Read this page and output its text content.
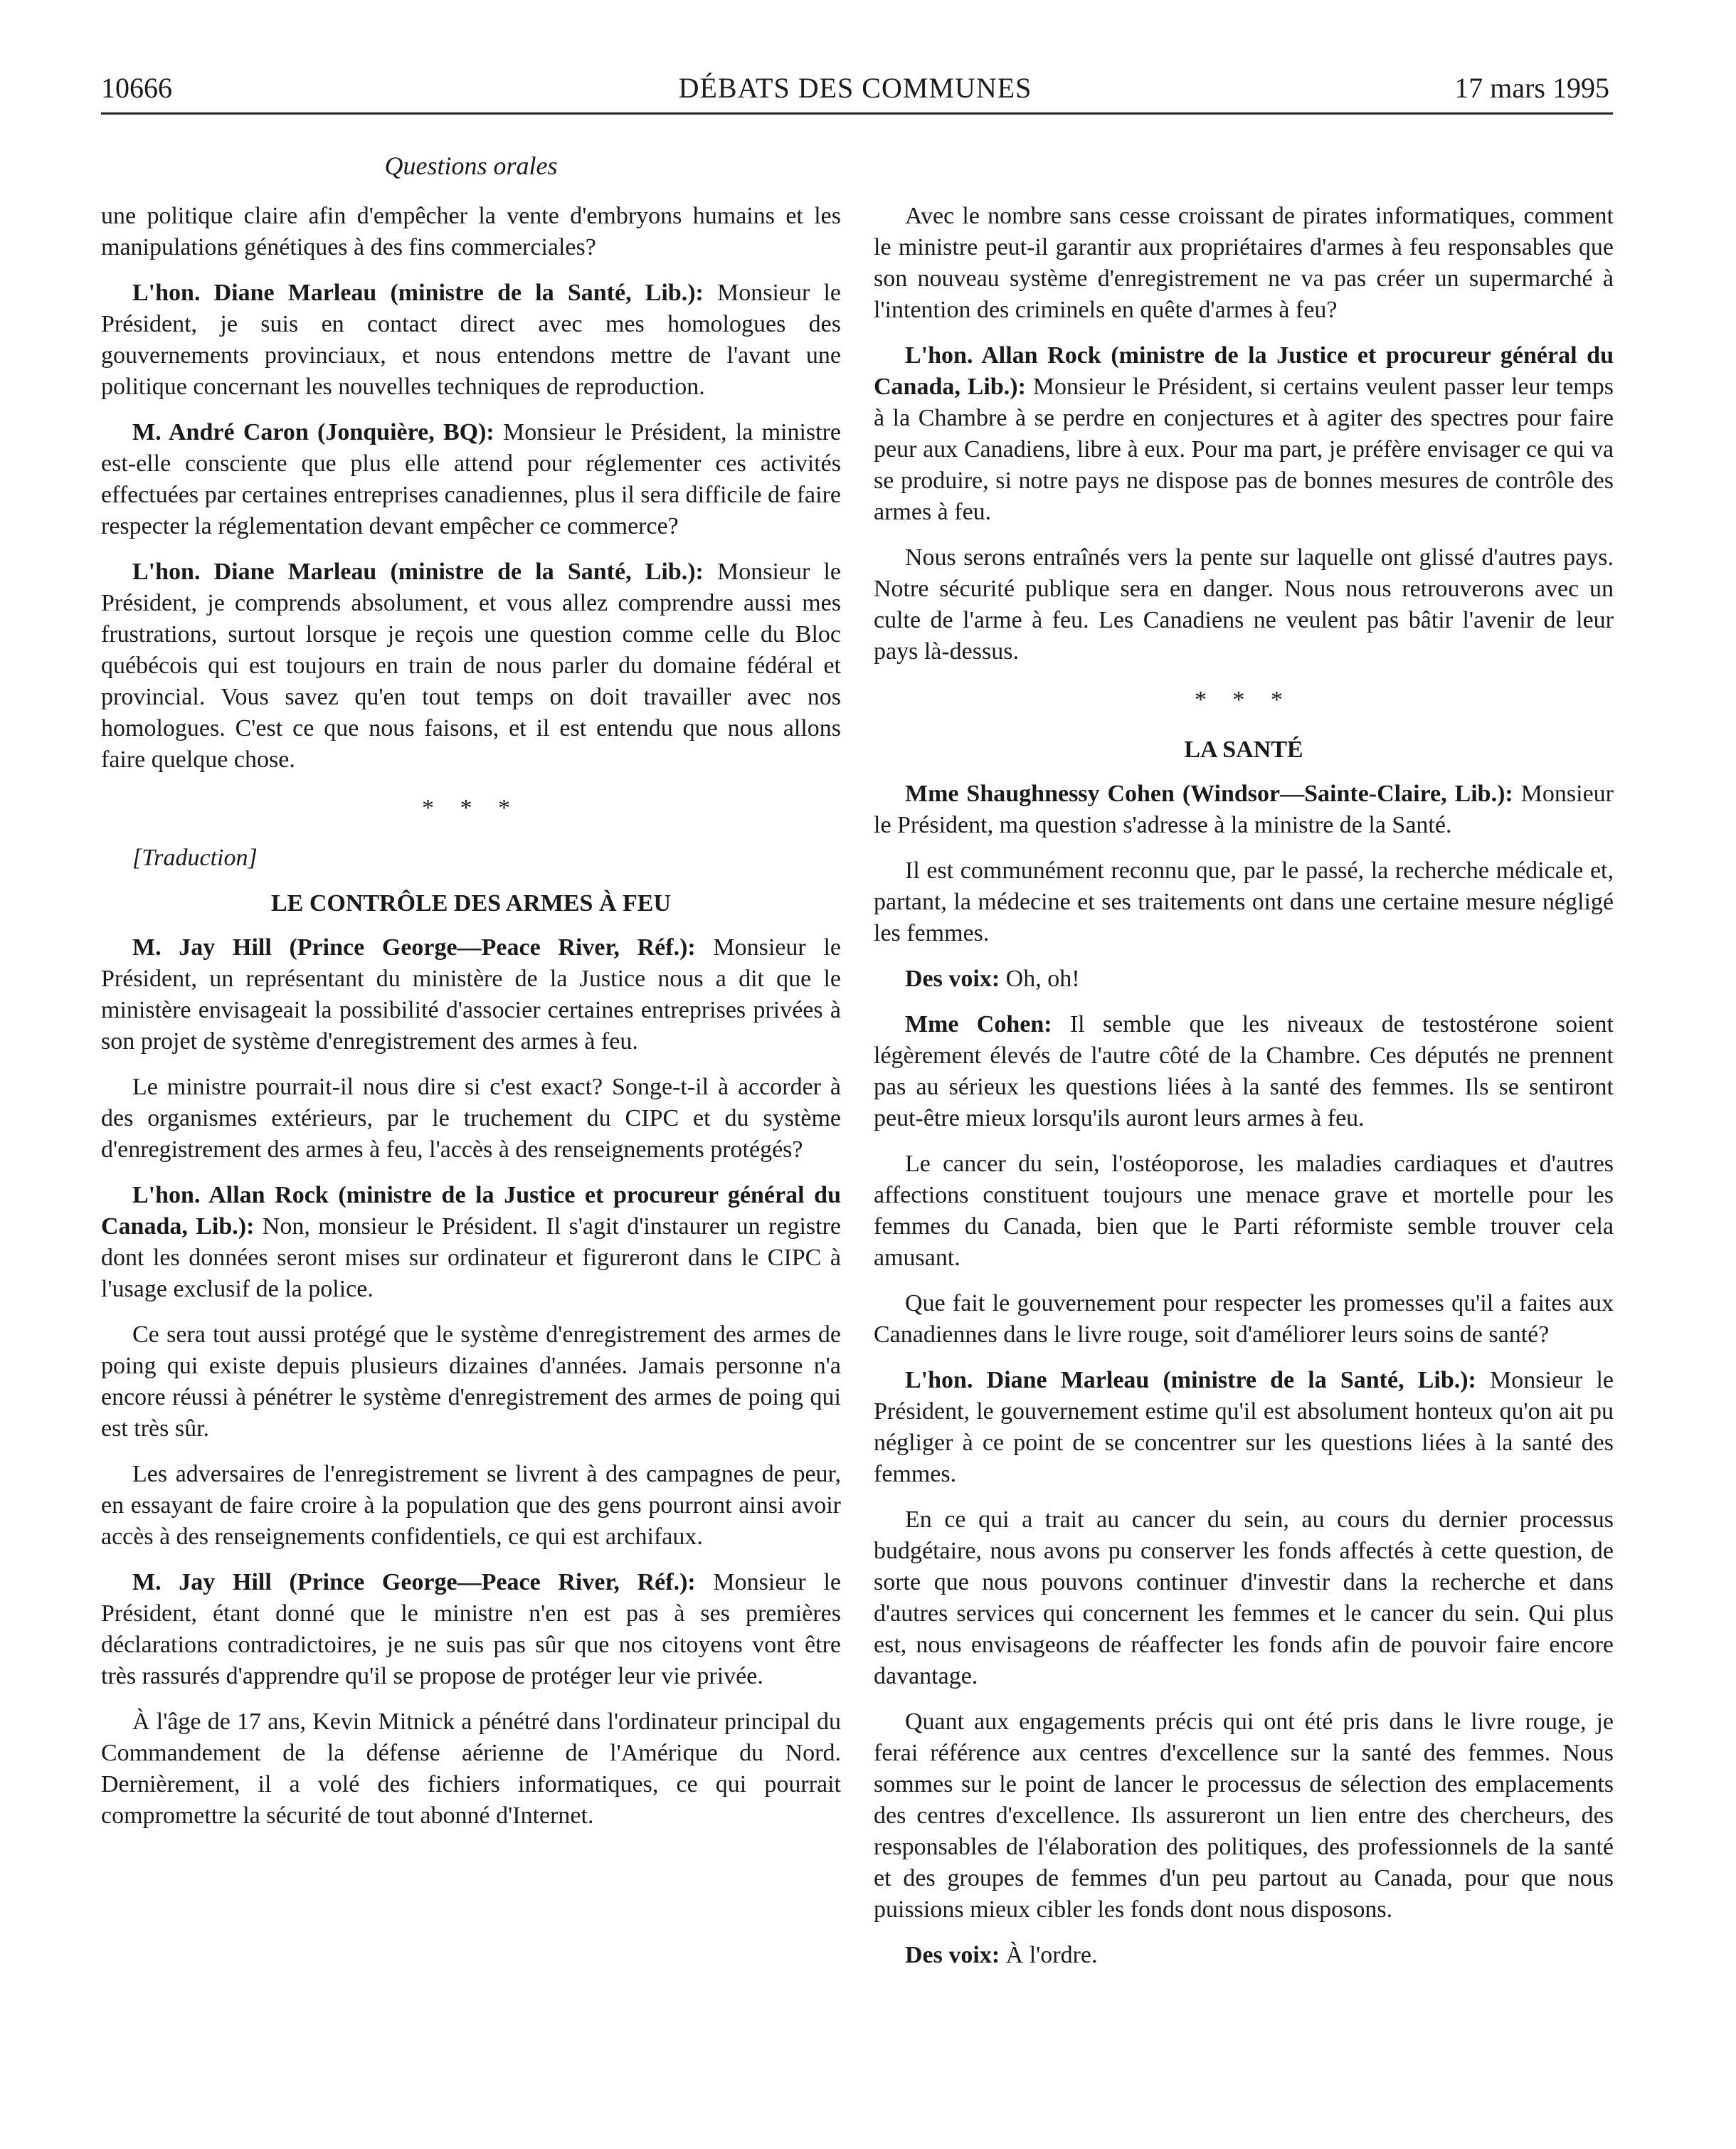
10666	DÉBATS DES COMMUNES	17 mars 1995
Questions orales

une politique claire afin d'empêcher la vente d'embryons humains et les manipulations génétiques à des fins commerciales?

L'hon. Diane Marleau (ministre de la Santé, Lib.): Monsieur le Président, je suis en contact direct avec mes homologues des gouvernements provinciaux, et nous entendons mettre de l'avant une politique concernant les nouvelles techniques de reproduction.

M. André Caron (Jonquière, BQ): Monsieur le Président, la ministre est-elle consciente que plus elle attend pour réglementer ces activités effectuées par certaines entreprises canadiennes, plus il sera difficile de faire respecter la réglementation devant empêcher ce commerce?

L'hon. Diane Marleau (ministre de la Santé, Lib.): Monsieur le Président, je comprends absolument, et vous allez comprendre aussi mes frustrations, surtout lorsque je reçois une question comme celle du Bloc québécois qui est toujours en train de nous parler du domaine fédéral et provincial. Vous savez qu'en tout temps on doit travailler avec nos homologues. C'est ce que nous faisons, et il est entendu que nous allons faire quelque chose.

* * *

[Traduction]

LE CONTRÔLE DES ARMES À FEU

M. Jay Hill (Prince George—Peace River, Réf.): Monsieur le Président, un représentant du ministère de la Justice nous a dit que le ministère envisageait la possibilité d'associer certaines entreprises privées à son projet de système d'enregistrement des armes à feu.

Le ministre pourrait-il nous dire si c'est exact? Songe-t-il à accorder à des organismes extérieurs, par le truchement du CIPC et du système d'enregistrement des armes à feu, l'accès à des renseignements protégés?

L'hon. Allan Rock (ministre de la Justice et procureur général du Canada, Lib.): Non, monsieur le Président. Il s'agit d'instaurer un registre dont les données seront mises sur ordinateur et figureront dans le CIPC à l'usage exclusif de la police.

Ce sera tout aussi protégé que le système d'enregistrement des armes de poing qui existe depuis plusieurs dizaines d'années. Jamais personne n'a encore réussi à pénétrer le système d'enregistrement des armes de poing qui est très sûr.

Les adversaires de l'enregistrement se livrent à des campagnes de peur, en essayant de faire croire à la population que des gens pourront ainsi avoir accès à des renseignements confidentiels, ce qui est archifaux.

M. Jay Hill (Prince George—Peace River, Réf.): Monsieur le Président, étant donné que le ministre n'en est pas à ses premières déclarations contradictoires, je ne suis pas sûr que nos citoyens vont être très rassurés d'apprendre qu'il se propose de protéger leur vie privée.

À l'âge de 17 ans, Kevin Mitnick a pénétré dans l'ordinateur principal du Commandement de la défense aérienne de l'Amérique du Nord. Dernièrement, il a volé des fichiers informatiques, ce qui pourrait compromettre la sécurité de tout abonné d'Internet.

Avec le nombre sans cesse croissant de pirates informatiques, comment le ministre peut-il garantir aux propriétaires d'armes à feu responsables que son nouveau système d'enregistrement ne va pas créer un supermarché à l'intention des criminels en quête d'armes à feu?

L'hon. Allan Rock (ministre de la Justice et procureur général du Canada, Lib.): Monsieur le Président, si certains veulent passer leur temps à la Chambre à se perdre en conjectures et à agiter des spectres pour faire peur aux Canadiens, libre à eux. Pour ma part, je préfère envisager ce qui va se produire, si notre pays ne dispose pas de bonnes mesures de contrôle des armes à feu.

Nous serons entraînés vers la pente sur laquelle ont glissé d'autres pays. Notre sécurité publique sera en danger. Nous nous retrouverons avec un culte de l'arme à feu. Les Canadiens ne veulent pas bâtir l'avenir de leur pays là-dessus.

* * *
LA SANTÉ

Mme Shaughnessy Cohen (Windsor—Sainte-Claire, Lib.): Monsieur le Président, ma question s'adresse à la ministre de la Santé.

Il est communément reconnu que, par le passé, la recherche médicale et, partant, la médecine et ses traitements ont dans une certaine mesure négligé les femmes.

Des voix: Oh, oh!

Mme Cohen: Il semble que les niveaux de testostérone soient légèrement élevés de l'autre côté de la Chambre. Ces députés ne prennent pas au sérieux les questions liées à la santé des femmes. Ils se sentiront peut-être mieux lorsqu'ils auront leurs armes à feu.

Le cancer du sein, l'ostéoporose, les maladies cardiaques et d'autres affections constituent toujours une menace grave et mortelle pour les femmes du Canada, bien que le Parti réformiste semble trouver cela amusant.

Que fait le gouvernement pour respecter les promesses qu'il a faites aux Canadiennes dans le livre rouge, soit d'améliorer leurs soins de santé?

L'hon. Diane Marleau (ministre de la Santé, Lib.): Monsieur le Président, le gouvernement estime qu'il est absolument honteux qu'on ait pu négliger à ce point de se concentrer sur les questions liées à la santé des femmes.

En ce qui a trait au cancer du sein, au cours du dernier processus budgétaire, nous avons pu conserver les fonds affectés à cette question, de sorte que nous pouvons continuer d'investir dans la recherche et dans d'autres services qui concernent les femmes et le cancer du sein. Qui plus est, nous envisageons de réaffecter les fonds afin de pouvoir faire encore davantage.

Quant aux engagements précis qui ont été pris dans le livre rouge, je ferai référence aux centres d'excellence sur la santé des femmes. Nous sommes sur le point de lancer le processus de sélection des emplacements des centres d'excellence. Ils assureront un lien entre des chercheurs, des responsables de l'élaboration des politiques, des professionnels de la santé et des groupes de femmes d'un peu partout au Canada, pour que nous puissions mieux cibler les fonds dont nous disposons.

Des voix: À l'ordre.
